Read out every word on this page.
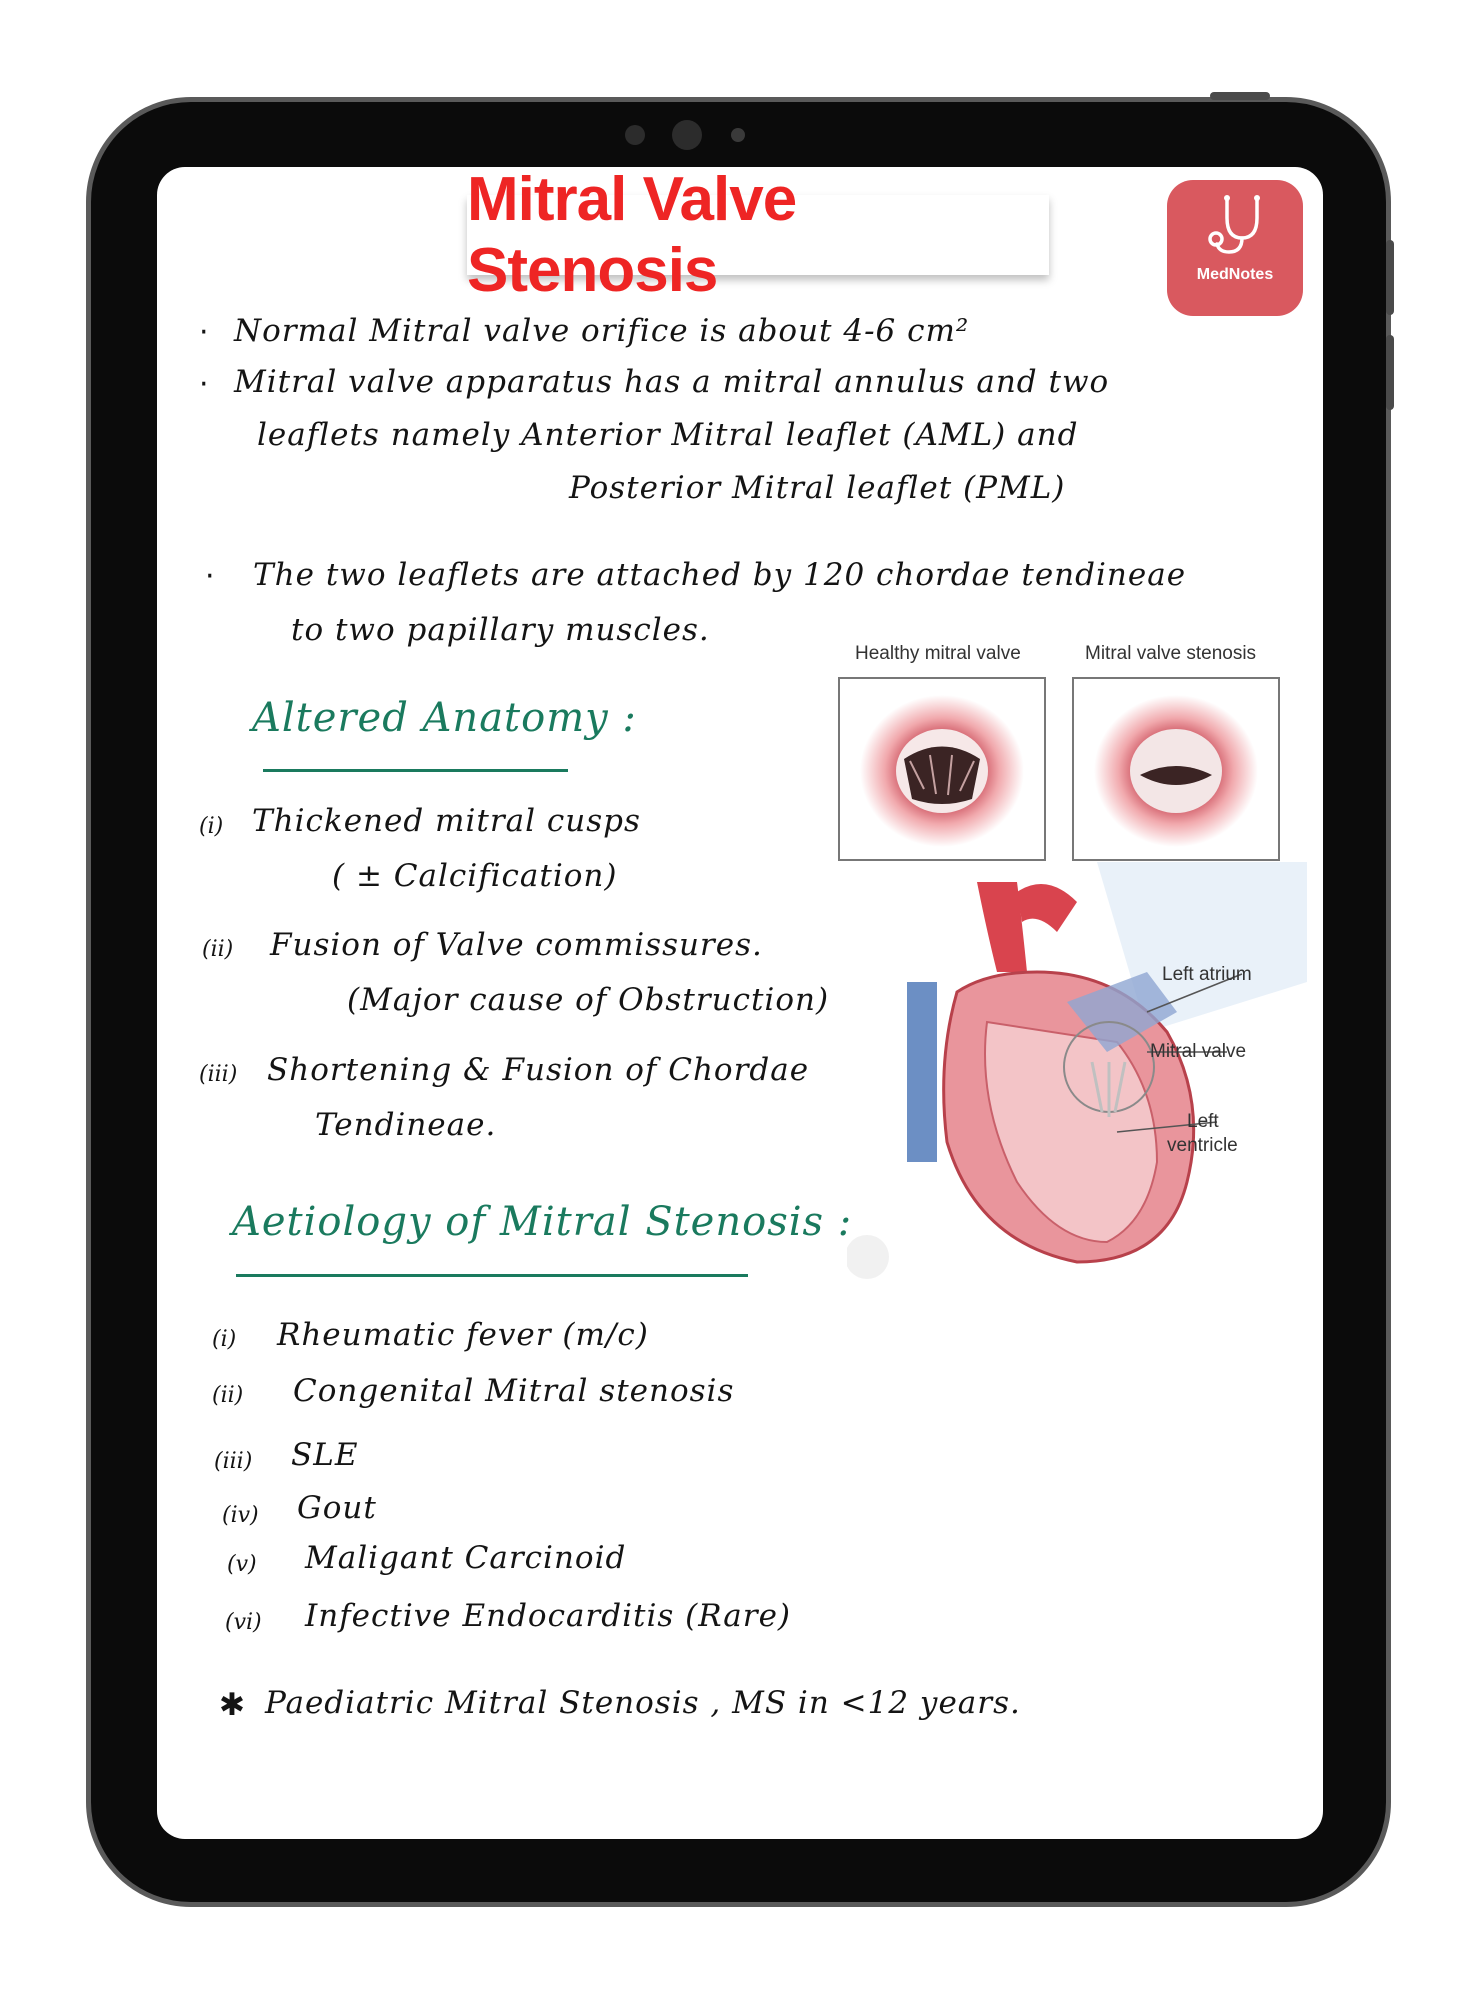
Mitral Valve Stenosis	MedNotes
· Normal Mitral valve orifice is about 4-6 cm²
· Mitral valve apparatus has a mitral annulus and two
leaflets namely Anterior Mitral leaflet (AML) and
Posterior Mitral leaflet (PML)
· The two leaflets are attached by 120 chordae tendineae
to two papillary muscles.
Healthy mitral valve	Mitral valve stenosis
Left atrium
Mitral valve
Left
ventricle
Altered Anatomy :
(i) Thickened mitral cusps
( ± Calcification)
(ii) Fusion of Valve commissures.
(Major cause of Obstruction)
(iii) Shortening & Fusion of Chordae
Tendineae.
Aetiology of Mitral Stenosis :
(i) Rheumatic fever (m/c)
(ii) Congenital Mitral stenosis
(iii) SLE
(iv) Gout
(v) Maligant Carcinoid
(vi) Infective Endocarditis (Rare)
✱ Paediatric Mitral Stenosis , MS in <12 years.
